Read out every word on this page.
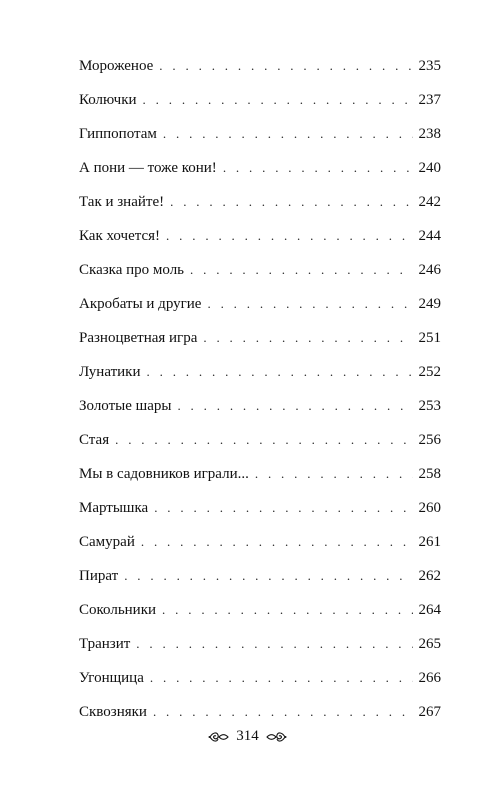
Мороженое . . .	235
Колючки . . .	237
Гиппопотам . . .	238
А пони — тоже кони! . . .	240
Так и знайте! . . .	242
Как хочется! . . .	244
Сказка про моль . . .	246
Акробаты и другие . . .	249
Разноцветная игра . . .	251
Лунатики . . .	252
Золотые шары . . .	253
Стая . . .	256
Мы в садовников играли... . . .	258
Мартышка . . .	260
Самурай . . .	261
Пират . . .	262
Сокольники . . .	264
Транзит . . .	265
Угонщица . . .	266
Сквозняки . . .	267
314
